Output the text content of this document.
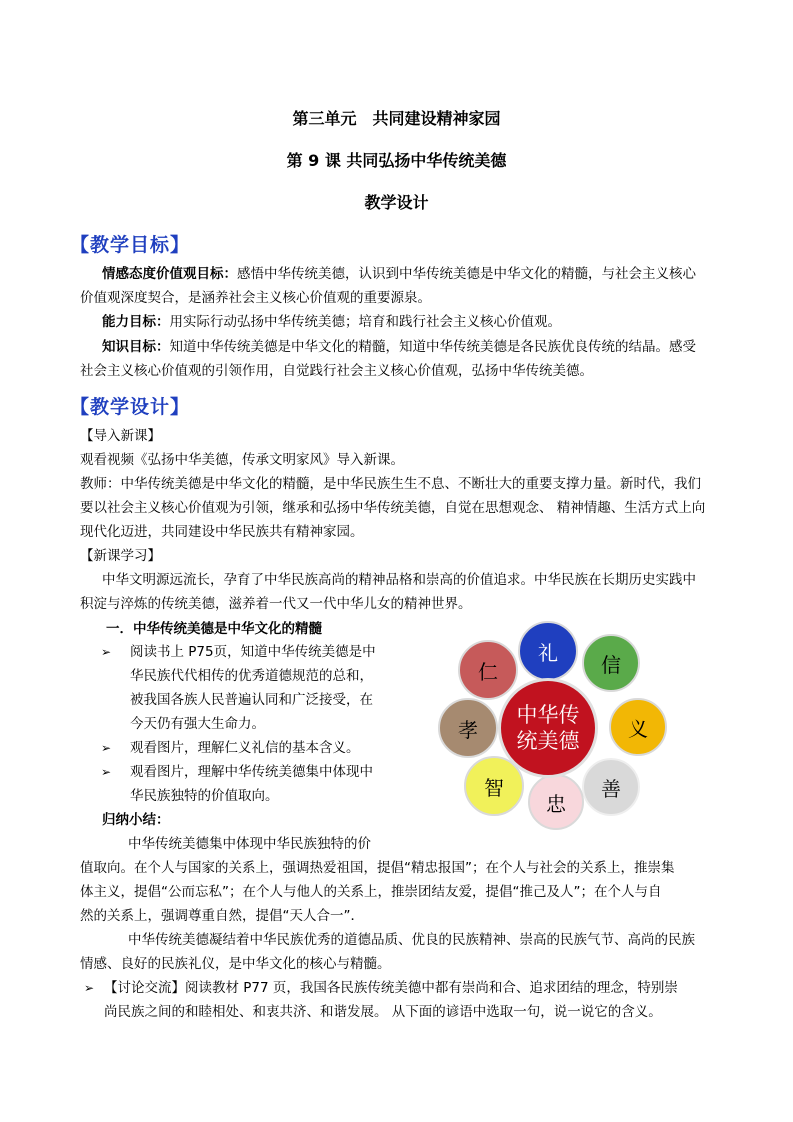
第三单元　共同建设精神家园
第 9 课 共同弘扬中华传统美德
教学设计
【教学目标】
情感态度价值观目标：感悟中华传统美德，认识到中华传统美德是中华文化的精髓，与社会主义核心
价值观深度契合，是涵养社会主义核心价值观的重要源泉。
能力目标：用实际行动弘扬中华传统美德；培育和践行社会主义核心价值观。
知识目标：知道中华传统美德是中华文化的精髓，知道中华传统美德是各民族优良传统的结晶。感受
社会主义核心价值观的引领作用，自觉践行社会主义核心价值观，弘扬中华传统美德。
【教学设计】
【导入新课】
观看视频《弘扬中华美德，传承文明家风》导入新课。
教师：中华传统美德是中华文化的精髓，是中华民族生生不息、不断壮大的重要支撑力量。新时代，我们
要以社会主义核心价值观为引领，继承和弘扬中华传统美德，自觉在思想观念、 精神情趣、生活方式上向
现代化迈进，共同建设中华民族共有精神家园。
【新课学习】
中华文明源远流长，孕育了中华民族高尚的精神品格和崇高的价值追求。中华民族在长期历史实践中
积淀与淬炼的传统美德，滋养着一代又一代中华儿女的精神世界。
一．中华传统美德是中华文化的精髓
➢ 阅读书上 P75页，知道中华传统美德是中
华民族代代相传的优秀道德规范的总和，
被我国各族人民普遍认同和广泛接受，在
今天仍有强大生命力。
➢ 观看图片，理解仁义礼信的基本含义。
➢ 观看图片，理解中华传统美德集中体现中
华民族独特的价值取向。
归纳小结：
中华传统美德集中体现中华民族独特的价
值取向。在个人与国家的关系上，强调热爱祖国，提倡“精忠报国”；在个人与社会的关系上，推崇集
体主义，提倡“公而忘私”；在个人与他人的关系上，推崇团结友爱，提倡“推己及人”；在个人与自
然的关系上，强调尊重自然，提倡“天人合一”．
中华传统美德凝结着中华民族优秀的道德品质、优良的民族精神、崇高的民族气节、高尚的民族
情感、良好的民族礼仪，是中华文化的核心与精髓。
➢ 【讨论交流】阅读教材 P77 页，我国各民族传统美德中都有崇尚和合、追求团结的理念，特别崇
尚民族之间的和睦相处、和衷共济、和谐发展。 从下面的谚语中选取一句，说一说它的含义。
礼 信
义
善
忠
智
孝
仁
中华传
统美德
